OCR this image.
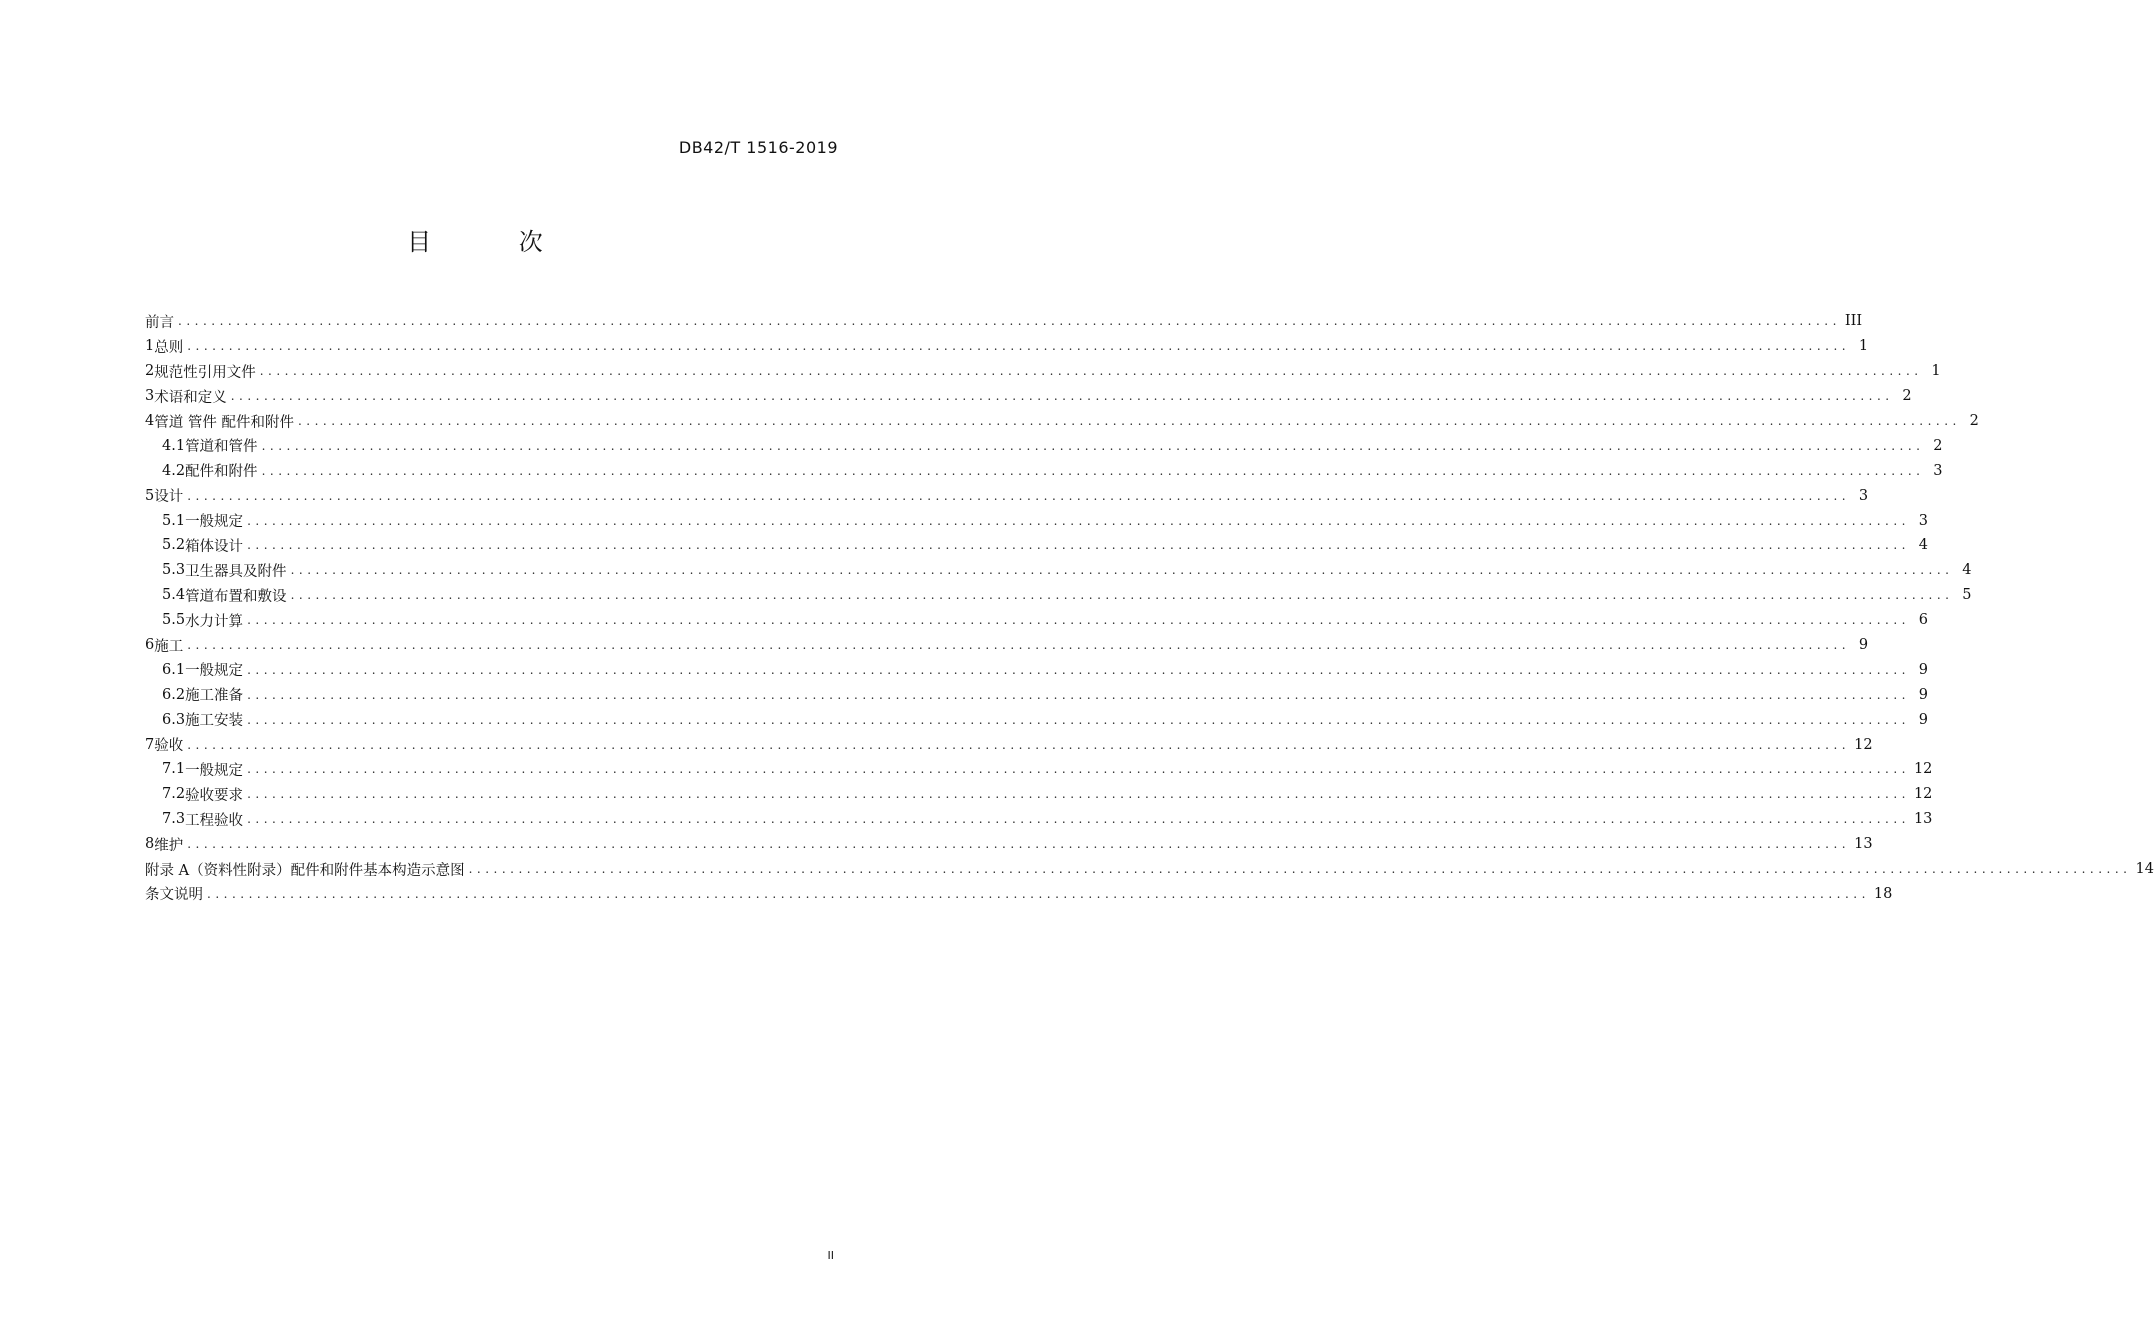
DB42/T 1516-2019
目 次
前言 ........................................................................................................................................................................................................ III
1 总则 ........................................................................................................................................................................................................ 1
2 规范性引用文件 ........................................................................................................................................................................................................ 1
3 术语和定义 ........................................................................................................................................................................................................ 2
4 管道 管件 配件和附件 ........................................................................................................................................................................................................ 2
4.1 管道和管件 ........................................................................................................................................................................................................ 2
4.2 配件和附件 ........................................................................................................................................................................................................ 3
5 设计 ........................................................................................................................................................................................................ 3
5.1 一般规定 ........................................................................................................................................................................................................ 3
5.2 箱体设计 ........................................................................................................................................................................................................ 4
5.3 卫生器具及附件 ........................................................................................................................................................................................................ 4
5.4 管道布置和敷设 ........................................................................................................................................................................................................ 5
5.5 水力计算 ........................................................................................................................................................................................................ 6
6 施工 ........................................................................................................................................................................................................ 9
6.1 一般规定 ........................................................................................................................................................................................................ 9
6.2 施工准备 ........................................................................................................................................................................................................ 9
6.3 施工安装 ........................................................................................................................................................................................................ 9
7 验收 ........................................................................................................................................................................................................ 12
7.1 一般规定 ........................................................................................................................................................................................................ 12
7.2 验收要求 ........................................................................................................................................................................................................ 12
7.3 工程验收 ........................................................................................................................................................................................................ 13
8 维护 ........................................................................................................................................................................................................ 13
附录 A（资料性附录）配件和附件基本构造示意图 ........................................................................................................................................................................................................ 14
条文说明 ........................................................................................................................................................................................................ 18
II
